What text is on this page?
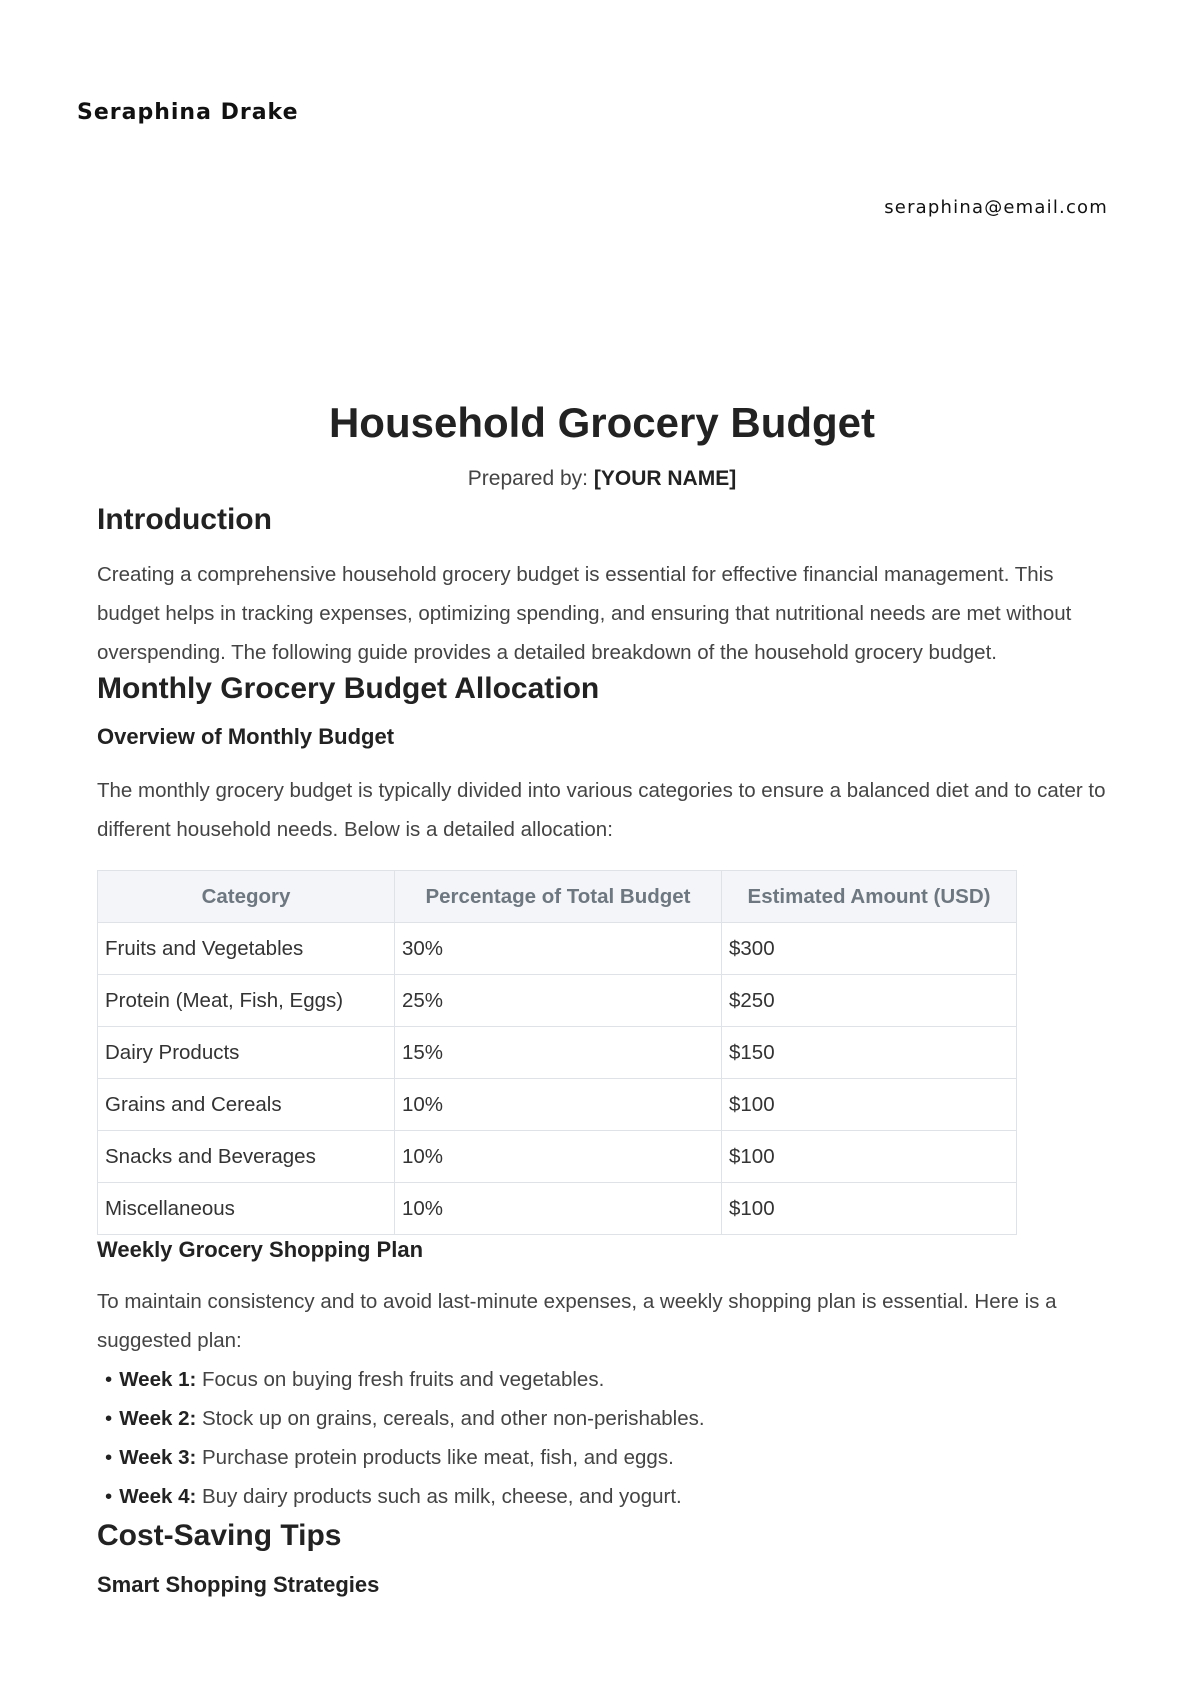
Seraphina Drake
seraphina@email.com
Household Grocery Budget
Prepared by: [YOUR NAME]
Introduction

Creating a comprehensive household grocery budget is essential for effective financial management. This budget helps in tracking expenses, optimizing spending, and ensuring that nutritional needs are met without overspending. The following guide provides a detailed breakdown of the household grocery budget.

Monthly Grocery Budget Allocation
Overview of Monthly Budget

The monthly grocery budget is typically divided into various categories to ensure a balanced diet and to cater to different household needs. Below is a detailed allocation:

Category	Percentage of Total Budget	Estimated Amount (USD)
Fruits and Vegetables	30%	$300
Protein (Meat, Fish, Eggs)	25%	$250
Dairy Products	15%	$150
Grains and Cereals	10%	$100
Snacks and Beverages	10%	$100
Miscellaneous	10%	$100
Weekly Grocery Shopping Plan

To maintain consistency and to avoid last-minute expenses, a weekly shopping plan is essential. Here is a suggested plan:

• Week 1: Focus on buying fresh fruits and vegetables.
• Week 2: Stock up on grains, cereals, and other non-perishables.
• Week 3: Purchase protein products like meat, fish, and eggs.
• Week 4: Buy dairy products such as milk, cheese, and yogurt.
Cost-Saving Tips
Smart Shopping Strategies
